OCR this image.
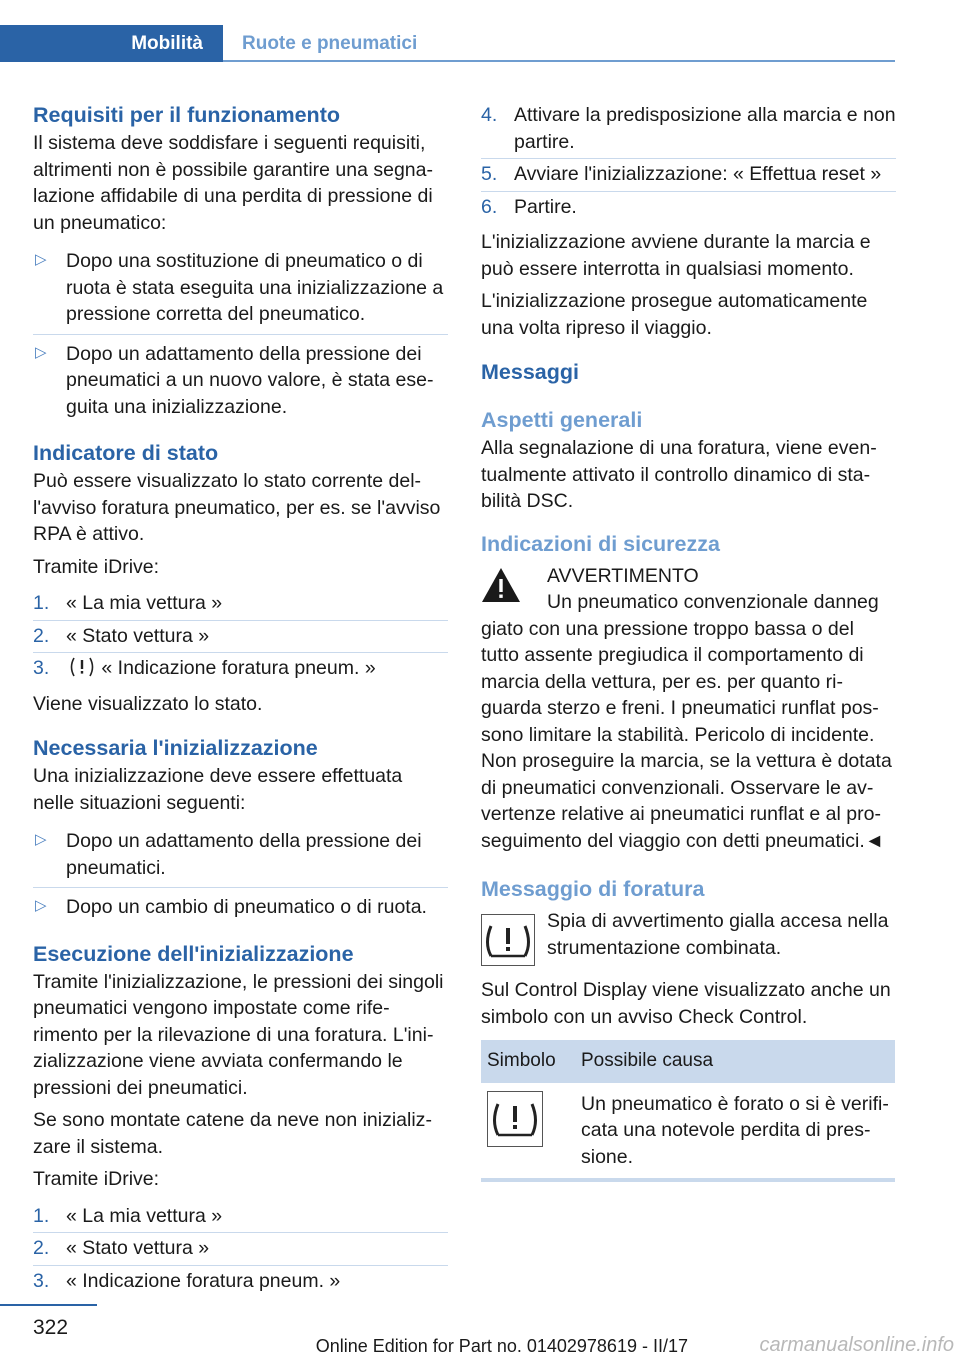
Mobilità	Ruote e pneumatici
Requisiti per il funzionamento

Il sistema deve soddisfare i seguenti requisiti, altrimenti non è possibile garantire una segnalazione affidabile di una perdita di pressione di un pneumatico:

▷ Dopo una sostituzione di pneumatico o di ruota è stata eseguita una inizializzazione a pressione corretta del pneumatico.
▷ Dopo un adattamento della pressione dei pneumatici a un nuovo valore, è stata eseguita una inizializzazione.
Indicatore di stato

Può essere visualizzato lo stato corrente dell'avviso foratura pneumatico, per es. se l'avviso RPA è attivo.

Tramite iDrive:

1. « La mia vettura »
2. « Stato vettura »
3. « Indicazione foratura pneum. »

Viene visualizzato lo stato.

Necessaria l'inizializzazione

Una inizializzazione deve essere effettuata nelle situazioni seguenti:

▷ Dopo un adattamento della pressione dei pneumatici.
▷ Dopo un cambio di pneumatico o di ruota.
Esecuzione dell'inizializzazione

Tramite l'inizializzazione, le pressioni dei singoli pneumatici vengono impostate come riferimento per la rilevazione di una foratura. L'inizializzazione viene avviata confermando le pressioni dei pneumatici.

Se sono montate catene da neve non inizializzare il sistema.

Tramite iDrive:

1. « La mia vettura »
2. « Stato vettura »
3. « Indicazione foratura pneum. »
4. Attivare la predisposizione alla marcia e non partire.
5. Avviare l'inizializzazione: « Effettua reset »
6. Partire.

L'inizializzazione avviene durante la marcia e può essere interrotta in qualsiasi momento.

L'inizializzazione prosegue automaticamente una volta ripreso il viaggio.

Messaggi
Aspetti generali

Alla segnalazione di una foratura, viene eventualmente attivato il controllo dinamico di stabilità DSC.

Indicazioni di sicurezza
AVVERTIMENTO
Un pneumatico convenzionale danneg
giato con una pressione troppo bassa o del tutto assente pregiudica il comportamento di marcia della vettura, per es. per quanto riguarda sterzo e freni. I pneumatici runflat possono limitare la stabilità. Pericolo di incidente. Non proseguire la marcia, se la vettura è dotata di pneumatici convenzionali. Osservare le avvertenze relative ai pneumatici runflat e al proseguimento del viaggio con detti pneumatici.◄
Messaggio di foratura
Spia di avvertimento gialla accesa nella strumentazione combinata.

Sul Control Display viene visualizzato anche un simbolo con un avviso Check Control.

Simbolo	Possibile causa
	Un pneumatico è forato o si è verificata una notevole perdita di pressione.
322
Online Edition for Part no. 01402978619 - II/17	carmanualsonline.info
